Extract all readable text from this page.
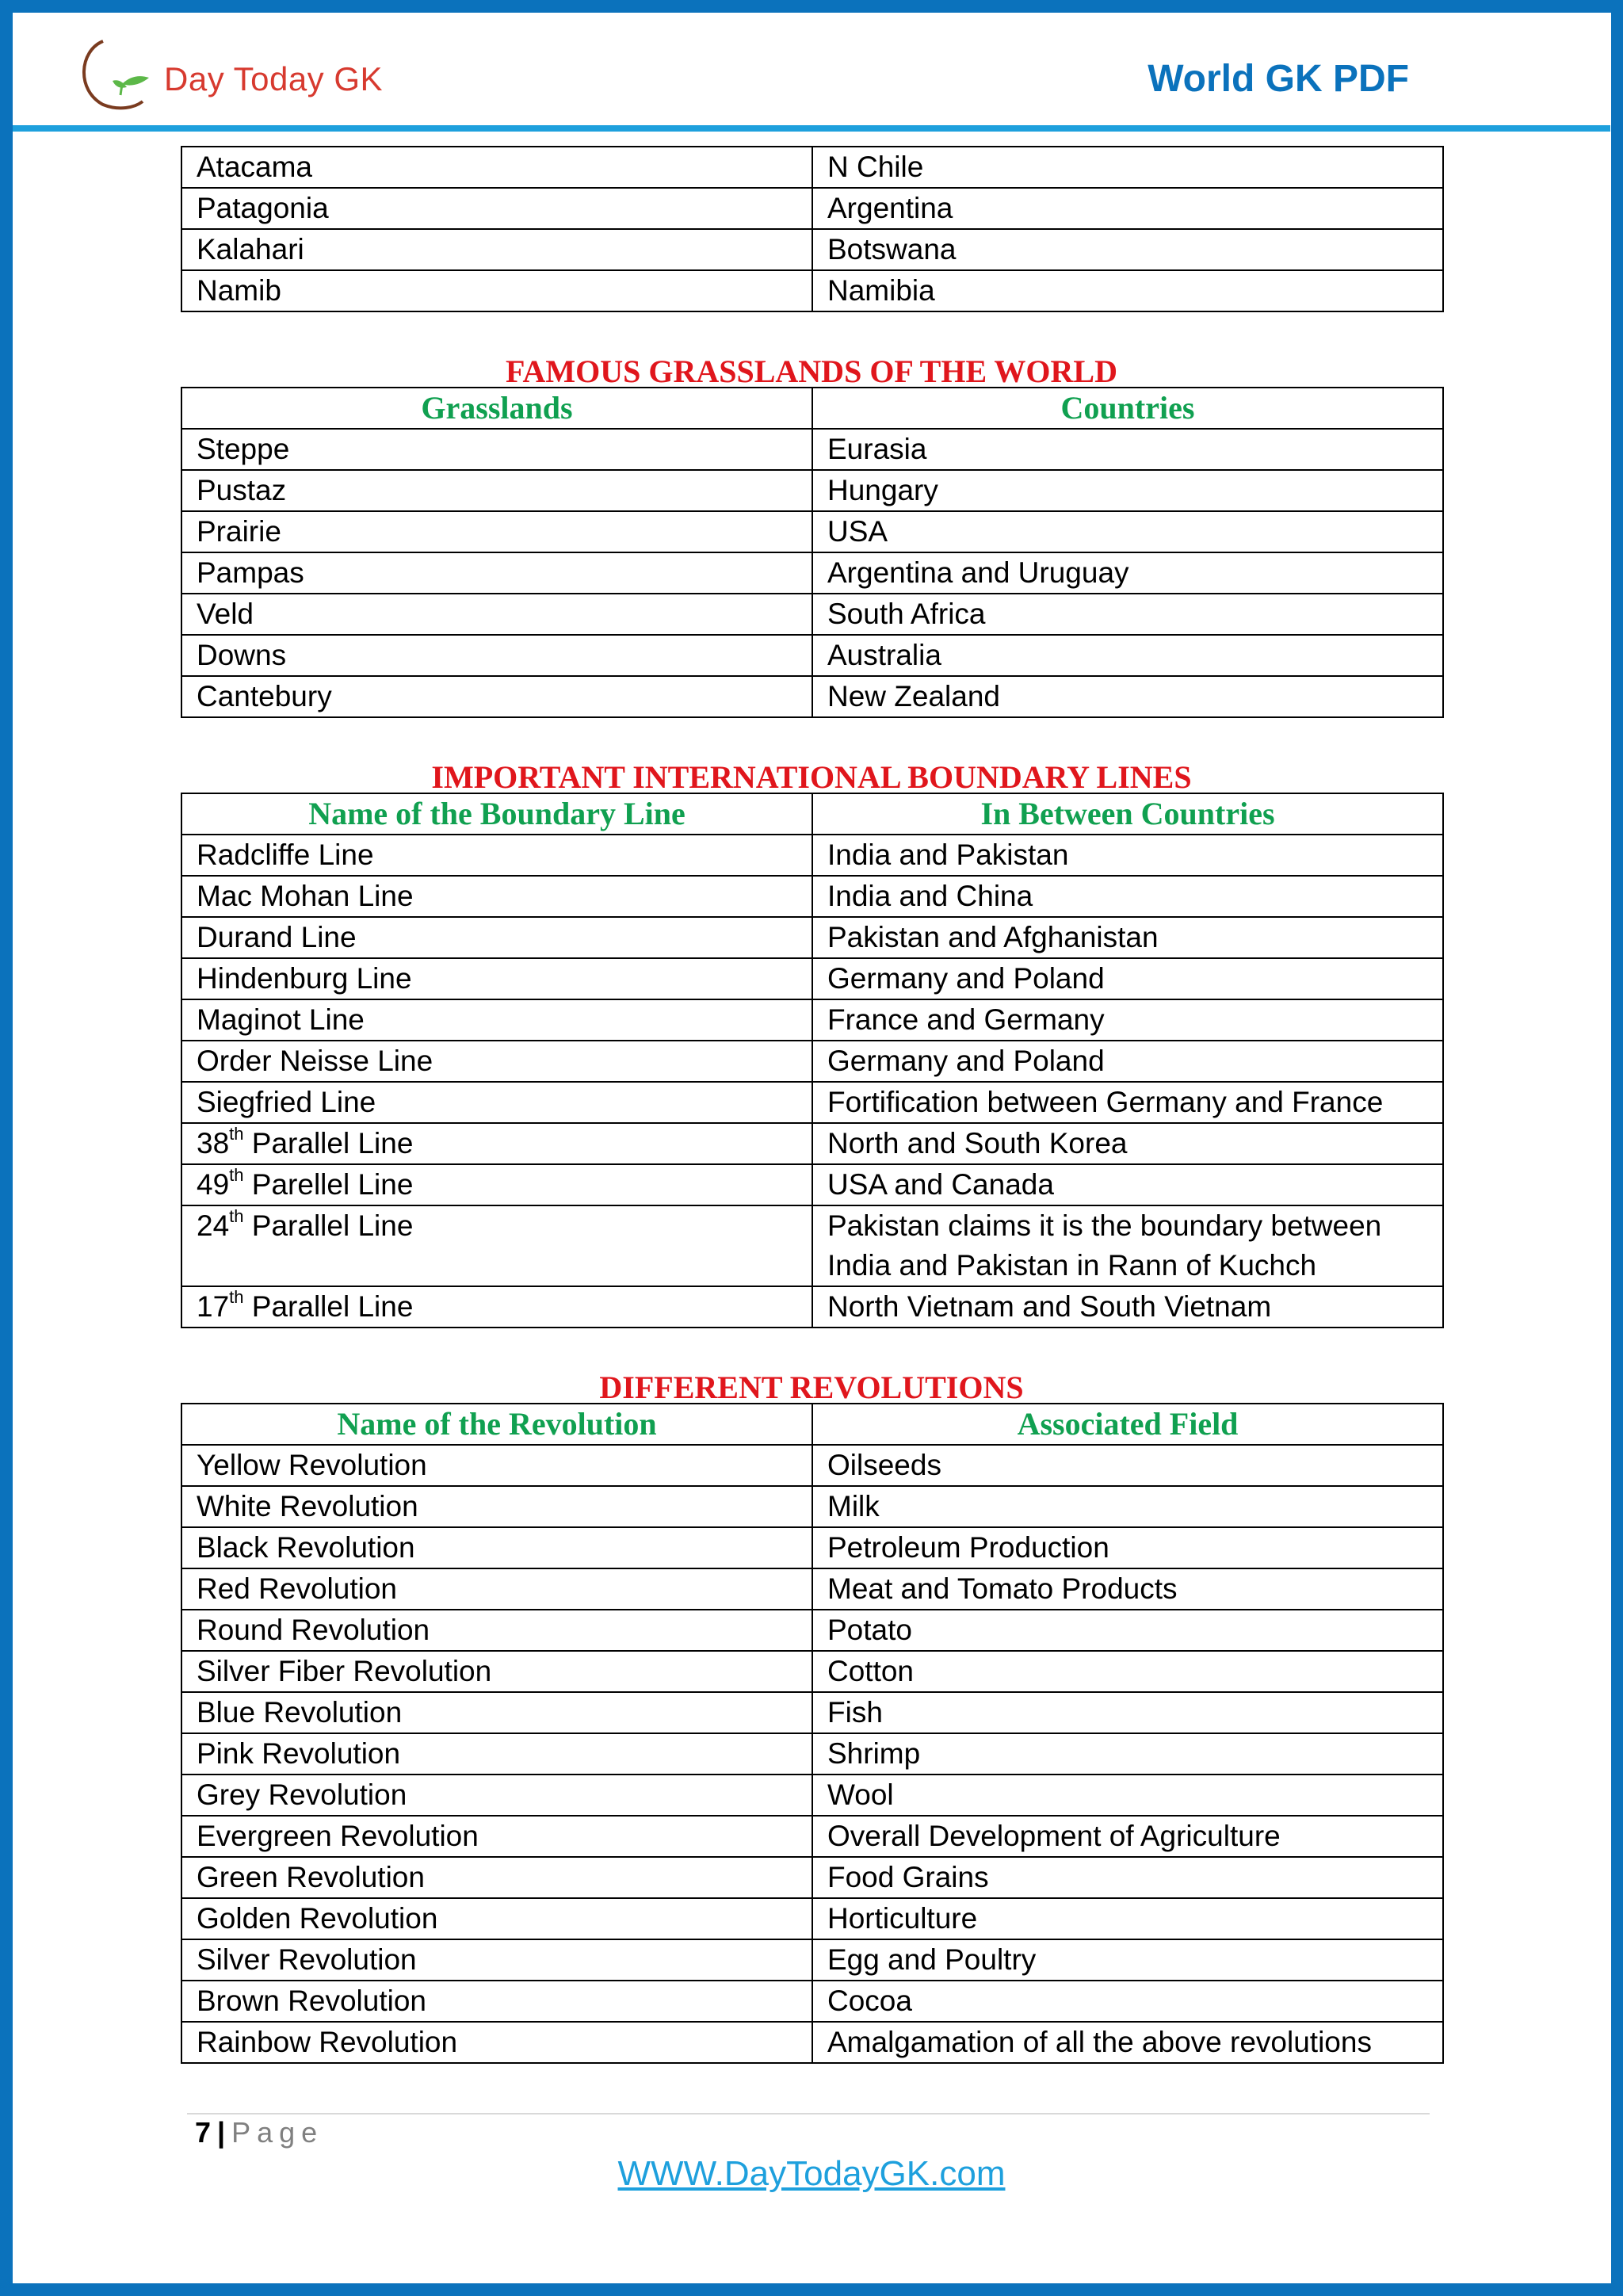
Day Today GK	World GK PDF
Atacama	N Chile
Patagonia	Argentina
Kalahari	Botswana
Namib	Namibia
FAMOUS GRASSLANDS OF THE WORLD
Grasslands	Countries
Steppe	Eurasia
Pustaz	Hungary
Prairie	USA
Pampas	Argentina and Uruguay
Veld	South Africa
Downs	Australia
Cantebury	New Zealand
IMPORTANT INTERNATIONAL BOUNDARY LINES
Name of the Boundary Line	In Between Countries
Radcliffe Line	India and Pakistan
Mac Mohan Line	India and China
Durand Line	Pakistan and Afghanistan
Hindenburg Line	Germany and Poland
Maginot Line	France and Germany
Order Neisse Line	Germany and Poland
Siegfried Line	Fortification between Germany and France
38th Parallel Line	North and South Korea
49th Parellel Line	USA and Canada
24th Parallel Line	Pakistan claims it is the boundary between
India and Pakistan in Rann of Kuchch
17th Parallel Line	North Vietnam and South Vietnam
DIFFERENT REVOLUTIONS
Name of the Revolution	Associated Field
Yellow Revolution	Oilseeds
White Revolution	Milk
Black Revolution	Petroleum Production
Red Revolution	Meat and Tomato Products
Round Revolution	Potato
Silver Fiber Revolution	Cotton
Blue Revolution	Fish
Pink Revolution	Shrimp
Grey Revolution	Wool
Evergreen Revolution	Overall Development of Agriculture
Green Revolution	Food Grains
Golden Revolution	Horticulture
Silver Revolution	Egg and Poultry
Brown Revolution	Cocoa
Rainbow Revolution	Amalgamation of all the above revolutions
7 | Page
WWW.DayTodayGK.com
